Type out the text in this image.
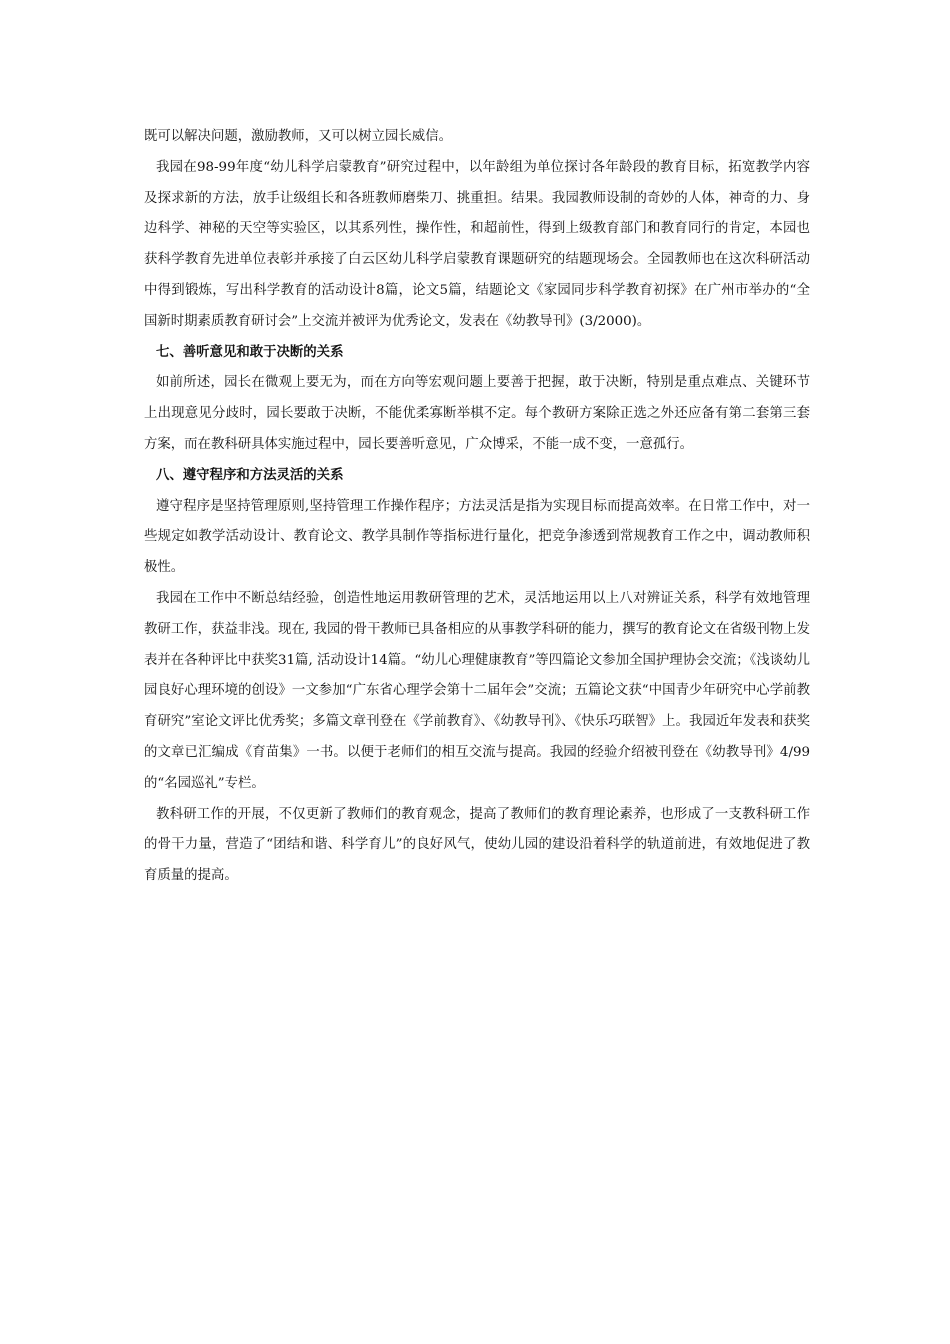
既可以解决问题，激励教师，又可以树立园长威信。

我园在98-99年度“幼儿科学启蒙教育”研究过程中，以年龄组为单位探讨各年龄段的教育目标，拓宽教学内容及探求新的方法，放手让级组长和各班教师磨柴刀、挑重担。结果。我园教师设制的奇妙的人体，神奇的力、身边科学、神秘的天空等实验区，以其系列性，操作性，和超前性，得到上级教育部门和教育同行的肯定，本园也获科学教育先进单位表彰并承接了白云区幼儿科学启蒙教育课题研究的结题现场会。全园教师也在这次科研活动中得到锻炼，写出科学教育的活动设计8篇，论文5篇，结题论文《家园同步科学教育初探》在广州市举办的“全国新时期素质教育研讨会”上交流并被评为优秀论文，发表在《幼教导刊》(3/2000)。

七、善听意见和敢于决断的关系

如前所述，园长在微观上要无为，而在方向等宏观问题上要善于把握，敢于决断，特别是重点难点、关键环节上出现意见分歧时，园长要敢于决断，不能优柔寡断举棋不定。每个教研方案除正选之外还应备有第二套第三套方案，而在教科研具体实施过程中，园长要善听意见，广众博采，不能一成不变，一意孤行。

八、遵守程序和方法灵活的关系

遵守程序是坚持管理原则,坚持管理工作操作程序；方法灵活是指为实现目标而提高效率。在日常工作中，对一些规定如教学活动设计、教育论文、教学具制作等指标进行量化，把竞争渗透到常规教育工作之中，调动教师积极性。

我园在工作中不断总结经验，创造性地运用教研管理的艺术，灵活地运用以上八对辨证关系，科学有效地管理教研工作，获益非浅。现在, 我园的骨干教师已具备相应的从事教学科研的能力，撰写的教育论文在省级刊物上发表并在各种评比中获奖31篇, 活动设计14篇。“幼儿心理健康教育”等四篇论文参加全国护理协会交流；《浅谈幼儿园良好心理环境的创设》一文参加“广东省心理学会第十二届年会”交流；五篇论文获“中国青少年研究中心学前教育研究”室论文评比优秀奖；多篇文章刊登在《学前教育》、《幼教导刊》、《快乐巧联智》上。我园近年发表和获奖的文章已汇编成《育苗集》一书。以便于老师们的相互交流与提高。我园的经验介绍被刊登在《幼教导刊》4/99的“名园巡礼”专栏。

教科研工作的开展，不仅更新了教师们的教育观念，提高了教师们的教育理论素养，也形成了一支教科研工作的骨干力量，营造了“团结和谐、科学育儿”的良好风气，使幼儿园的建设沿着科学的轨道前进，有效地促进了教育质量的提高。
